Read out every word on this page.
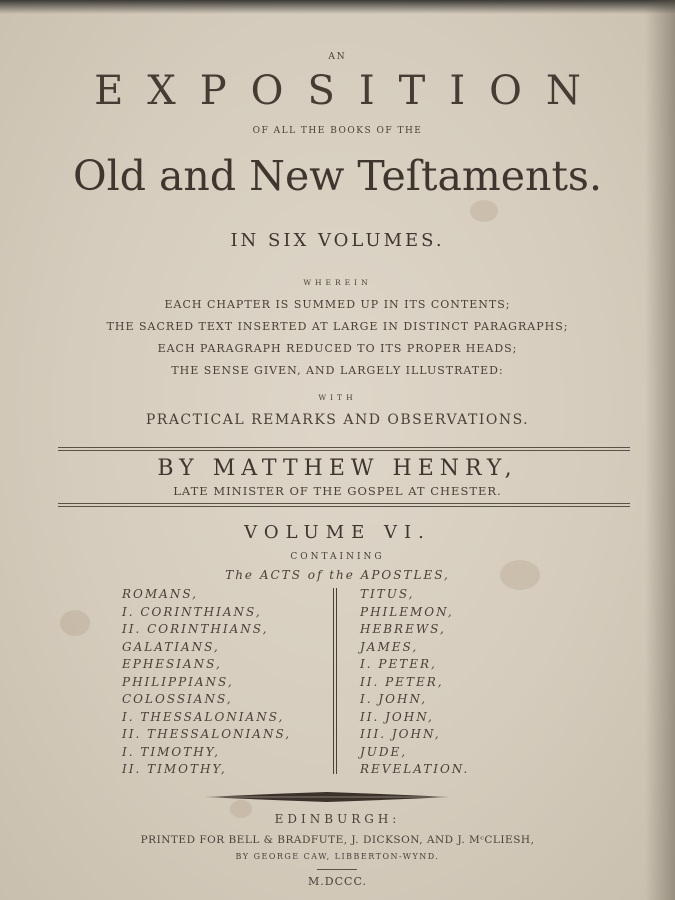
AN
EXPOSITION
OF ALL THE BOOKS OF THE
Old and New Teſtaments.
IN SIX VOLUMES.
WHEREIN
EACH CHAPTER IS SUMMED UP IN ITS CONTENTS;
THE SACRED TEXT INSERTED AT LARGE IN DISTINCT PARAGRAPHS;
EACH PARAGRAPH REDUCED TO ITS PROPER HEADS;
THE SENSE GIVEN, AND LARGELY ILLUSTRATED:
WITH
PRACTICAL REMARKS AND OBSERVATIONS.
BY MATTHEW HENRY,
LATE MINISTER OF THE GOSPEL AT CHESTER.
VOLUME VI.
CONTAINING
The ACTS of the APOSTLES,
ROMANS,
I. CORINTHIANS,
II. CORINTHIANS,
GALATIANS,
EPHESIANS,
PHILIPPIANS,
COLOSSIANS,
I. THESSALONIANS,
II. THESSALONIANS,
I. TIMOTHY,
II. TIMOTHY,
TITUS,
PHILEMON,
HEBREWS,
JAMES,
I. PETER,
II. PETER,
I. JOHN,
II. JOHN,
III. JOHN,
JUDE,
REVELATION.
EDINBURGH:
PRINTED FOR BELL & BRADFUTE, J. DICKSON, AND J. MᶜCLIESH,
BY GEORGE CAW, LIBBERTON-WYND.
M.DCCC.
